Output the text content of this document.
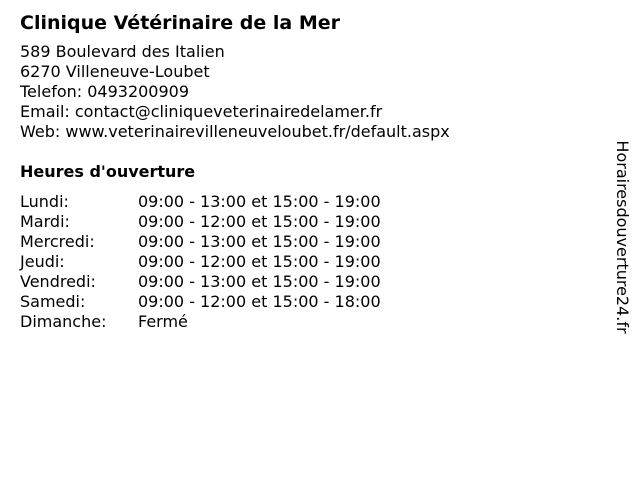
Clinique Vétérinaire de la Mer
589 Boulevard des Italien
6270 Villeneuve-Loubet
Telefon: 0493200909
Email: contact@cliniqueveterinairedelamer.fr
Web: www.veterinairevilleneuveloubet.fr/default.aspx
Heures d'ouverture
Lundi:	09:00 - 13:00 et 15:00 - 19:00
Mardi:	09:00 - 12:00 et 15:00 - 19:00
Mercredi:	09:00 - 13:00 et 15:00 - 19:00
Jeudi:	09:00 - 12:00 et 15:00 - 19:00
Vendredi:	09:00 - 13:00 et 15:00 - 19:00
Samedi:	09:00 - 12:00 et 15:00 - 18:00
Dimanche:	Fermé	Horairesdouverture24.fr
